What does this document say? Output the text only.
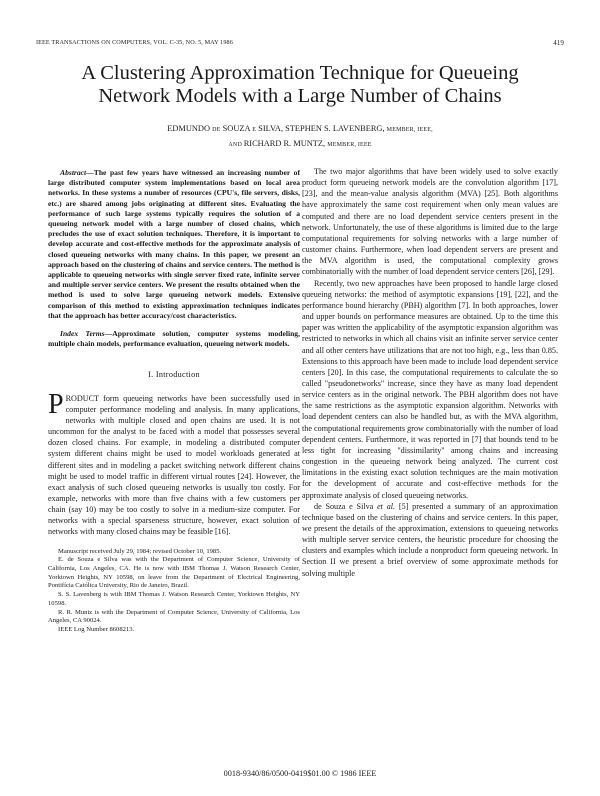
IEEE TRANSACTIONS ON COMPUTERS, VOL. C-35, NO. 5, MAY 1986	419
A Clustering Approximation Technique for Queueing
Network Models with a Large Number of Chains
EDMUNDO DE SOUZA E SILVA, STEPHEN S. LAVENBERG, MEMBER, IEEE,
AND RICHARD R. MUNTZ, MEMBER, IEEE

Abstract—The past few years have witnessed an increasing number of large distributed computer system implementations based on local area networks. In these systems a number of resources (CPU's, file servers, disks, etc.) are shared among jobs originating at different sites. Evaluating the performance of such large systems typically requires the solution of a queueing network model with a large number of closed chains, which precludes the use of exact solution techniques. Therefore, it is important to develop accurate and cost-effective methods for the approximate analysis of closed queueing networks with many chains. In this paper, we present an approach based on the clustering of chains and service centers. The method is applicable to queueing networks with single server fixed rate, infinite server and multiple server service centers. We present the results obtained when the method is used to solve large queueing network models. Extensive comparison of this method to existing approximation techniques indicates that the approach has better accuracy/cost characteristics.

Index Terms—Approximate solution, computer systems modeling, multiple chain models, performance evaluation, queueing network models.

I. Introduction

PRODUCT form queueing networks have been successfully used in computer performance modeling and analysis. In many applications, networks with multiple closed and open chains are used. It is not uncommon for the analyst to be faced with a model that possesses several dozen closed chains. For example, in modeling a distributed computer system different chains might be used to model workloads generated at different sites and in modeling a packet switching network different chains might be used to model traffic in different virtual routes [24]. However, the exact analysis of such closed queueing networks is usually too costly. For example, networks with more than five chains with a few customers per chain (say 10) may be too costly to solve in a medium-size computer. For networks with a special sparseness structure, however, exact solution of networks with many closed chains may be feasible [16].

Manuscript received July 29, 1984; revised October 10, 1985.

E. de Souza e Silva was with the Department of Computer Science, University of California, Los Angeles, CA. He is now with IBM Thomas J. Watson Research Center, Yorktown Heights, NY 10598, on leave from the Department of Electrical Engineering, Pontifícia Católica University, Rio de Janeiro, Brazil.

S. S. Lavenberg is with IBM Thomas J. Watson Research Center, Yorktown Heights, NY 10598.

R. R. Muntz is with the Department of Computer Science, University of California, Los Angeles, CA 90024.

IEEE Log Number 8608213.

The two major algorithms that have been widely used to solve exactly product form queueing network models are the convolution algorithm [17], [23], and the mean-value analysis algorithm (MVA) [25]. Both algorithms have approximately the same cost requirement when only mean values are computed and there are no load dependent service centers present in the network. Unfortunately, the use of these algorithms is limited due to the large computational requirements for solving networks with a large number of customer chains. Furthermore, when load dependent servers are present and the MVA algorithm is used, the computational complexity grows combinatorially with the number of load dependent service centers [26], [29].

Recently, two new approaches have been proposed to handle large closed queueing networks: the method of asymptotic expansions [19], [22], and the performance bound hierarchy (PBH) algorithm [7]. In both approaches, lower and upper bounds on performance measures are obtained. Up to the time this paper was written the applicability of the asymptotic expansion algorithm was restricted to networks in which all chains visit an infinite server service center and all other centers have utilizations that are not too high, e.g., less than 0.85. Extensions to this approach have been made to include load dependent service centers [20]. In this case, the computational requirements to calculate the so called "pseudonetworks" increase, since they have as many load dependent service centers as in the original network. The PBH algorithm does not have the same restrictions as the asymptotic expansion algorithm. Networks with load dependent centers can also be handled but, as with the MVA algorithm, the computational requirements grow combinatorially with the number of load dependent centers. Furthermore, it was reported in [7] that bounds tend to be less tight for increasing "dissimilarity" among chains and increasing congestion in the queueing network being analyzed. The current cost limitations in the existing exact solution techniques are the main motivation for the development of accurate and cost-effective methods for the approximate analysis of closed queueing networks.

de Souza e Silva et al. [5] presented a summary of an approximation technique based on the clustering of chains and service centers. In this paper, we present the details of the approximation, extensions to queueing networks with multiple server service centers, the heuristic procedure for choosing the clusters and examples which include a nonproduct form queueing network. In Section II we present a brief overview of some approximate methods for solving multiple

0018-9340/86/0500-0419$01.00 © 1986 IEEE
